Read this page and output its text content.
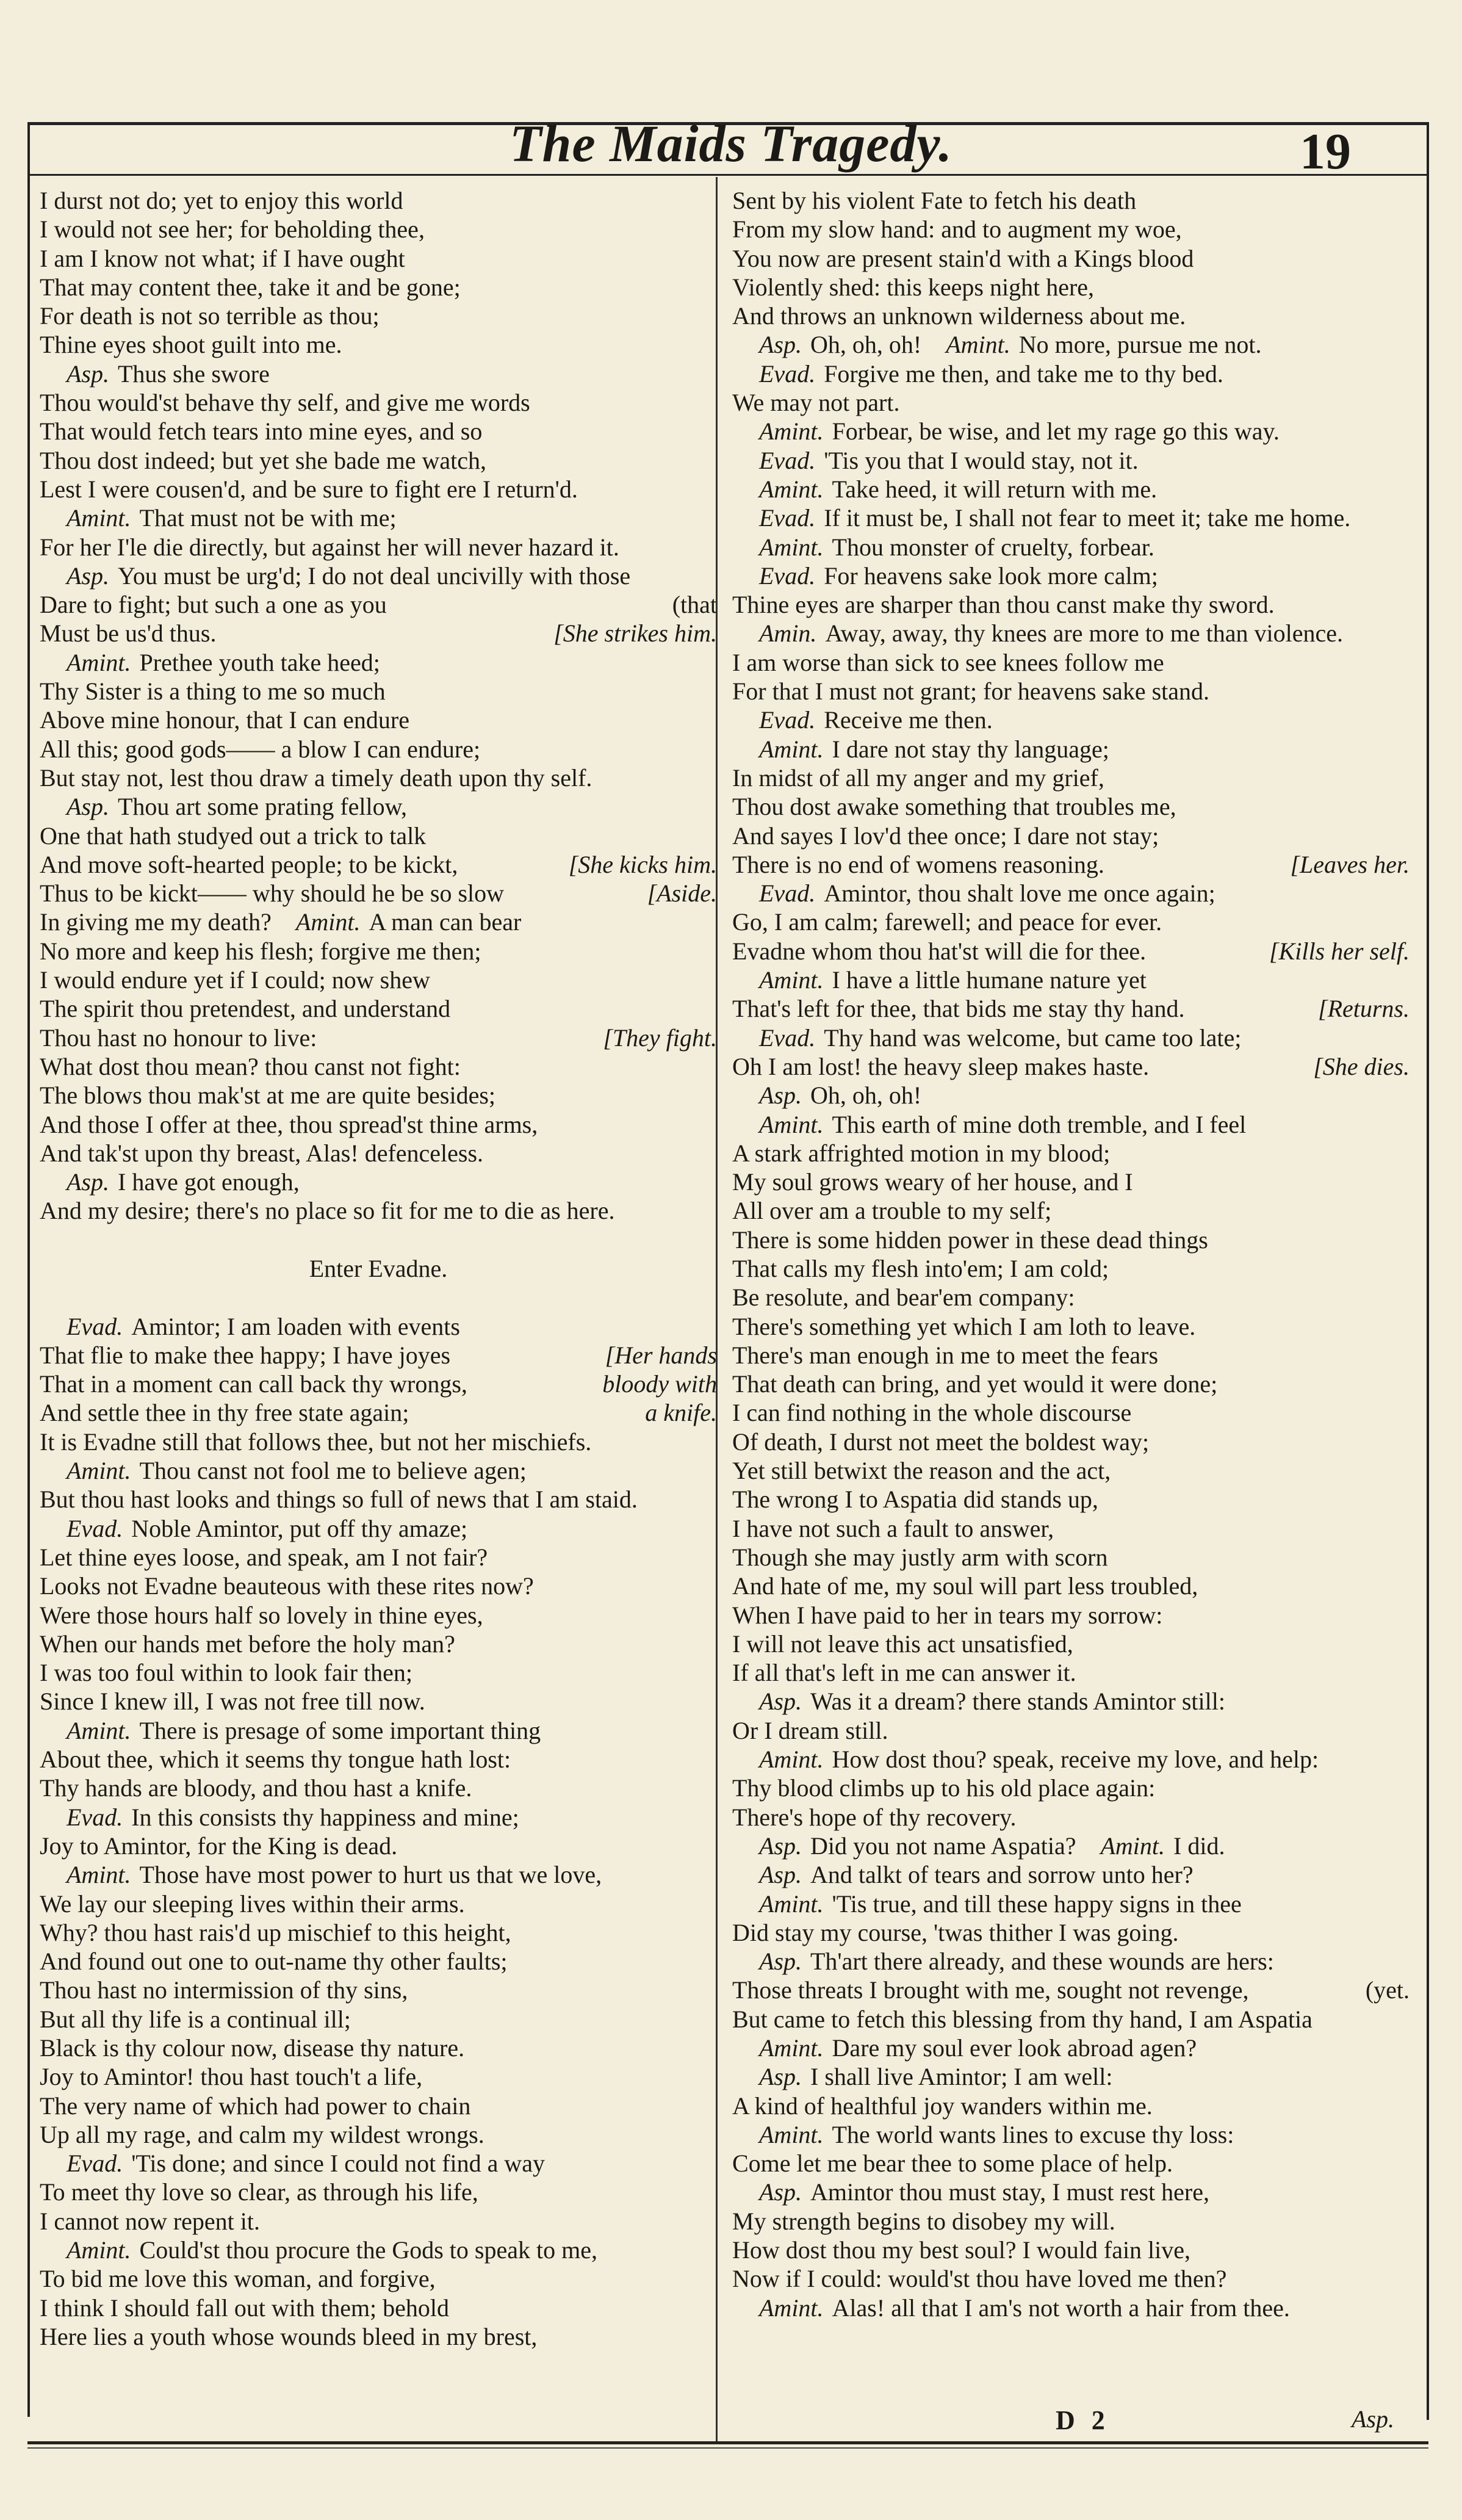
The Maids Tragedy.	19
I durst not do; yet to enjoy this world
I would not see her; for beholding thee,
I am I know not what; if I have ought
That may content thee, take it and be gone;
For death is not so terrible as thou;
Thine eyes shoot guilt into me.
Asp. Thus she swore
Thou would'st behave thy self, and give me words
That would fetch tears into mine eyes, and so
Thou dost indeed; but yet she bade me watch,
Lest I were cousen'd, and be sure to fight ere I return'd.
Amint. That must not be with me;
For her I'le die directly, but against her will never hazard it.
Asp. You must be urg'd; I do not deal uncivilly with those
Dare to fight; but such a one as you	(that
Must be us'd thus.	[She strikes him.
Amint. Prethee youth take heed;
Thy Sister is a thing to me so much
Above mine honour, that I can endure
All this; good gods—— a blow I can endure;
But stay not, lest thou draw a timely death upon thy self.
Asp. Thou art some prating fellow,
One that hath studyed out a trick to talk
And move soft-hearted people; to be kickt,	[She kicks him.
Thus to be kickt—— why should he be so slow	[Aside.
In giving me my death? Amint. A man can bear
No more and keep his flesh; forgive me then;
I would endure yet if I could; now shew
The spirit thou pretendest, and understand
Thou hast no honour to live:	[They fight.
What dost thou mean? thou canst not fight:
The blows thou mak'st at me are quite besides;
And those I offer at thee, thou spread'st thine arms,
And tak'st upon thy breast, Alas! defenceless.
Asp. I have got enough,
And my desire; there's no place so fit for me to die as here.
Enter Evadne.
Evad. Amintor; I am loaden with events
That flie to make thee happy; I have joyes	[Her hands
That in a moment can call back thy wrongs,	bloody with
And settle thee in thy free state again;	a knife.
It is Evadne still that follows thee, but not her mischiefs.
Amint. Thou canst not fool me to believe agen;
But thou hast looks and things so full of news that I am staid.
Evad. Noble Amintor, put off thy amaze;
Let thine eyes loose, and speak, am I not fair?
Looks not Evadne beauteous with these rites now?
Were those hours half so lovely in thine eyes,
When our hands met before the holy man?
I was too foul within to look fair then;
Since I knew ill, I was not free till now.
Amint. There is presage of some important thing
About thee, which it seems thy tongue hath lost:
Thy hands are bloody, and thou hast a knife.
Evad. In this consists thy happiness and mine;
Joy to Amintor, for the King is dead.
Amint. Those have most power to hurt us that we love,
We lay our sleeping lives within their arms.
Why? thou hast rais'd up mischief to this height,
And found out one to out-name thy other faults;
Thou hast no intermission of thy sins,
But all thy life is a continual ill;
Black is thy colour now, disease thy nature.
Joy to Amintor! thou hast touch't a life,
The very name of which had power to chain
Up all my rage, and calm my wildest wrongs.
Evad. 'Tis done; and since I could not find a way
To meet thy love so clear, as through his life,
I cannot now repent it.
Amint. Could'st thou procure the Gods to speak to me,
To bid me love this woman, and forgive,
I think I should fall out with them; behold
Here lies a youth whose wounds bleed in my brest,
Sent by his violent Fate to fetch his death
From my slow hand: and to augment my woe,
You now are present stain'd with a Kings blood
Violently shed: this keeps night here,
And throws an unknown wilderness about me.
Asp. Oh, oh, oh! Amint. No more, pursue me not.
Evad. Forgive me then, and take me to thy bed.
We may not part.
Amint. Forbear, be wise, and let my rage go this way.
Evad. 'Tis you that I would stay, not it.
Amint. Take heed, it will return with me.
Evad. If it must be, I shall not fear to meet it; take me home.
Amint. Thou monster of cruelty, forbear.
Evad. For heavens sake look more calm;
Thine eyes are sharper than thou canst make thy sword.
Amin. Away, away, thy knees are more to me than violence.
I am worse than sick to see knees follow me
For that I must not grant; for heavens sake stand.
Evad. Receive me then.
Amint. I dare not stay thy language;
In midst of all my anger and my grief,
Thou dost awake something that troubles me,
And sayes I lov'd thee once; I dare not stay;
There is no end of womens reasoning.	[Leaves her.
Evad. Amintor, thou shalt love me once again;
Go, I am calm; farewell; and peace for ever.
Evadne whom thou hat'st will die for thee.	[Kills her self.
Amint. I have a little humane nature yet
That's left for thee, that bids me stay thy hand.	[Returns.
Evad. Thy hand was welcome, but came too late;
Oh I am lost! the heavy sleep makes haste.	[She dies.
Asp. Oh, oh, oh!
Amint. This earth of mine doth tremble, and I feel
A stark affrighted motion in my blood;
My soul grows weary of her house, and I
All over am a trouble to my self;
There is some hidden power in these dead things
That calls my flesh into'em; I am cold;
Be resolute, and bear'em company:
There's something yet which I am loth to leave.
There's man enough in me to meet the fears
That death can bring, and yet would it were done;
I can find nothing in the whole discourse
Of death, I durst not meet the boldest way;
Yet still betwixt the reason and the act,
The wrong I to Aspatia did stands up,
I have not such a fault to answer,
Though she may justly arm with scorn
And hate of me, my soul will part less troubled,
When I have paid to her in tears my sorrow:
I will not leave this act unsatisfied,
If all that's left in me can answer it.
Asp. Was it a dream? there stands Amintor still:
Or I dream still.
Amint. How dost thou? speak, receive my love, and help:
Thy blood climbs up to his old place again:
There's hope of thy recovery.
Asp. Did you not name Aspatia? Amint. I did.
Asp. And talkt of tears and sorrow unto her?
Amint. 'Tis true, and till these happy signs in thee
Did stay my course, 'twas thither I was going.
Asp. Th'art there already, and these wounds are hers:
Those threats I brought with me, sought not revenge,	(yet.
But came to fetch this blessing from thy hand, I am Aspatia
Amint. Dare my soul ever look abroad agen?
Asp. I shall live Amintor; I am well:
A kind of healthful joy wanders within me.
Amint. The world wants lines to excuse thy loss:
Come let me bear thee to some place of help.
Asp. Amintor thou must stay, I must rest here,
My strength begins to disobey my will.
How dost thou my best soul? I would fain live,
Now if I could: would'st thou have loved me then?
Amint. Alas! all that I am's not worth a hair from thee.
D 2	Asp.
